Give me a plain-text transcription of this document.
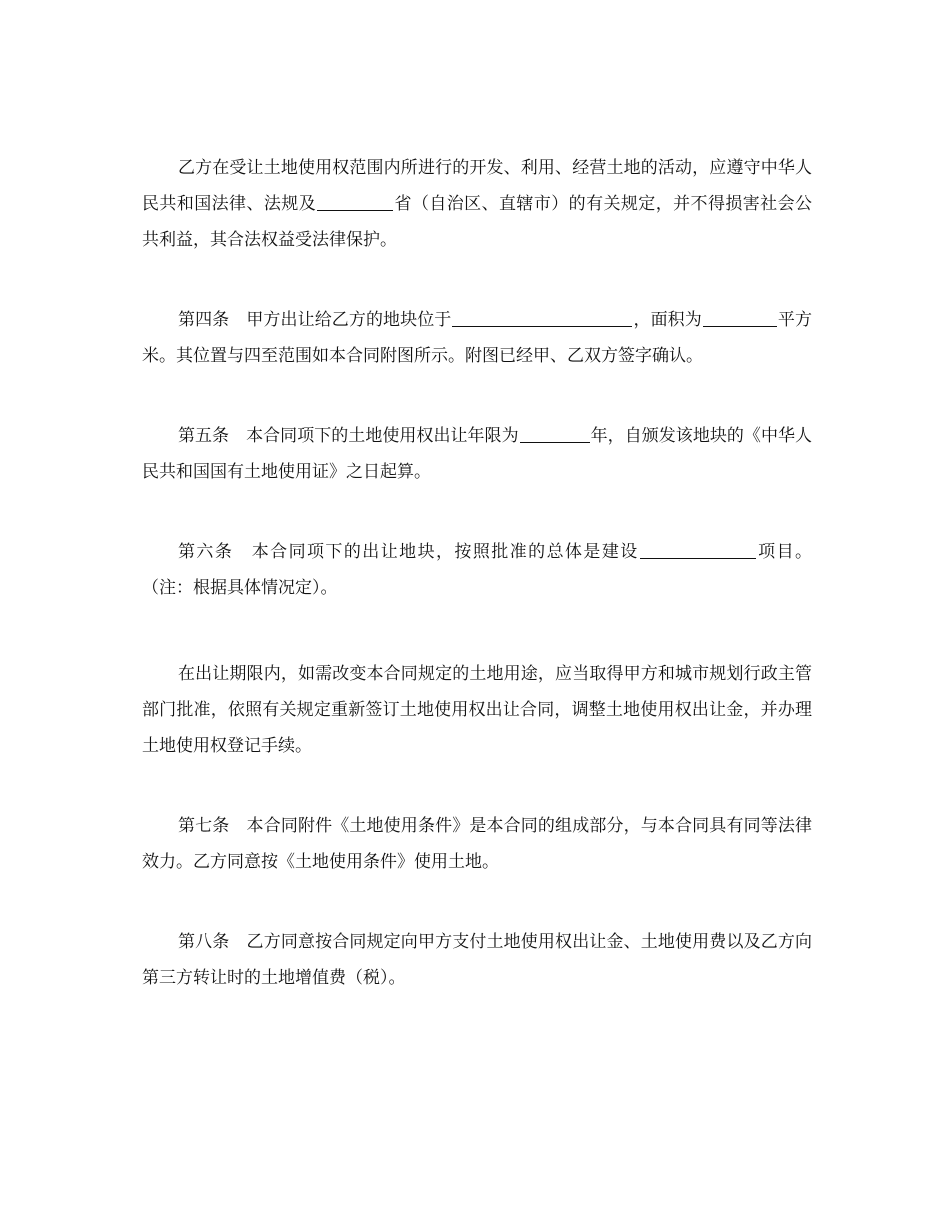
乙方在受让土地使用权范围内所进行的开发、利用、经营土地的活动，应遵守中华人民共和国法律、法规及	省（自治区、直辖市）的有关规定，并不得损害社会公共利益，其合法权益受法律保护。

第四条　甲方出让给乙方的地块位于	，面积为	平方米。其位置与四至范围如本合同附图所示。附图已经甲、乙双方签字确认。

第五条　本合同项下的土地使用权出让年限为	年，自颁发该地块的《中华人民共和国国有土地使用证》之日起算。

第六条　本合同项下的出让地块，按照批准的总体是建设	项目。（注：根据具体情况定）。

在出让期限内，如需改变本合同规定的土地用途，应当取得甲方和城市规划行政主管部门批准，依照有关规定重新签订土地使用权出让合同，调整土地使用权出让金，并办理土地使用权登记手续。

第七条　本合同附件《土地使用条件》是本合同的组成部分，与本合同具有同等法律效力。乙方同意按《土地使用条件》使用土地。

第八条　乙方同意按合同规定向甲方支付土地使用权出让金、土地使用费以及乙方向第三方转让时的土地增值费（税）。
